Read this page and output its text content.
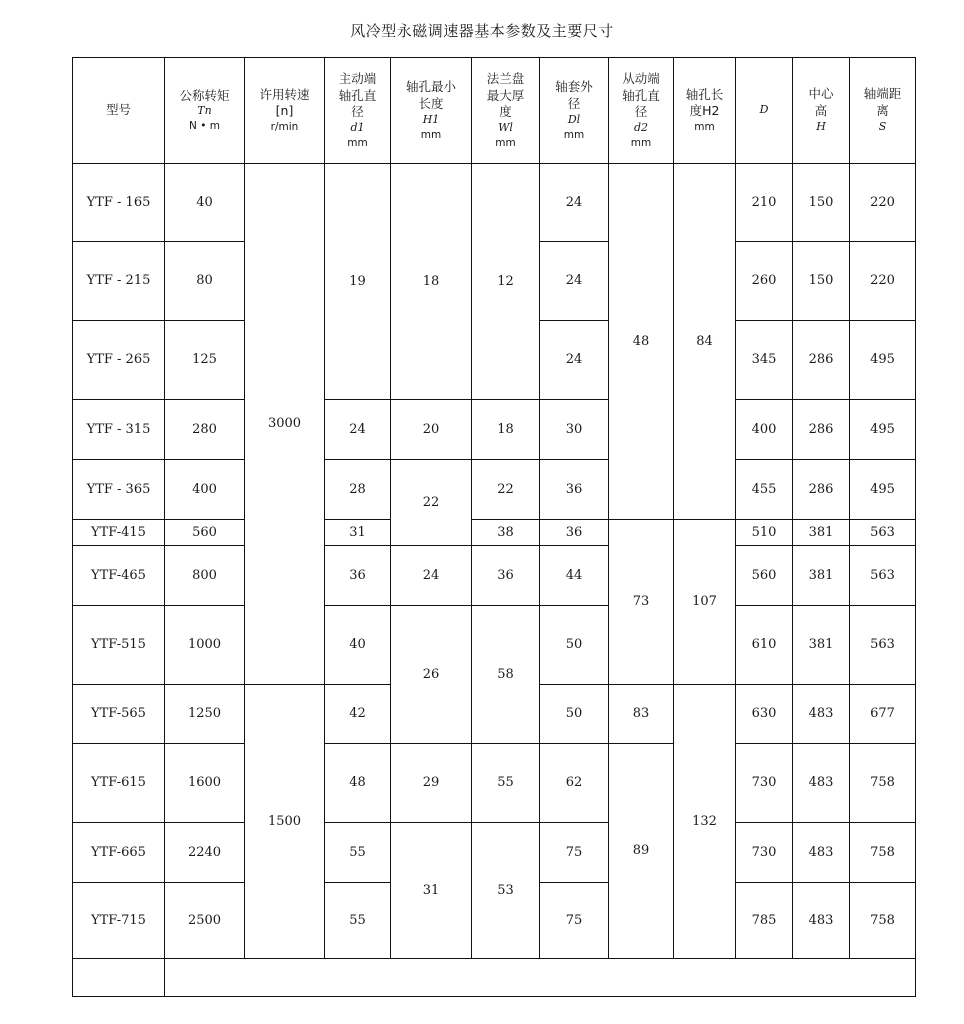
风冷型永磁调速器基本参数及主要尺寸
型号	公称转矩
Tn
N • m	许用转速
[n]
r/min	主动端
轴孔直
径
d1
mm	轴孔最小
长度
H1
mm	法兰盘
最大厚
度
Wl
mm	轴套外
径
Dl
mm	从动端
轴孔直
径
d2
mm	轴孔长
度H2
mm	D	中心
高
H	轴端距
离
S

YTF - 165	40	3000	19	18	12	24	48	84	210	150	220
YTF - 215	80					24			260	150	220
YTF - 265	125					24			345	286	495
YTF - 315	280		24	20	18	30			400	286	495
YTF - 365	400		28	22	22	36			455	286	495
YTF-415	560		31		38	36	73	107	510	381	563
YTF-465	800		36	24	36	44			560	381	563
YTF-515	1000		40	26	58	50			610	381	563
YTF-565	1250	1500	42			50	83	132	630	483	677
YTF-615	1600		48	29	55	62	89		730	483	758
YTF-665	2240		55	31	53	75			730	483	758
YTF-715	2500		55			75			785	483	758
